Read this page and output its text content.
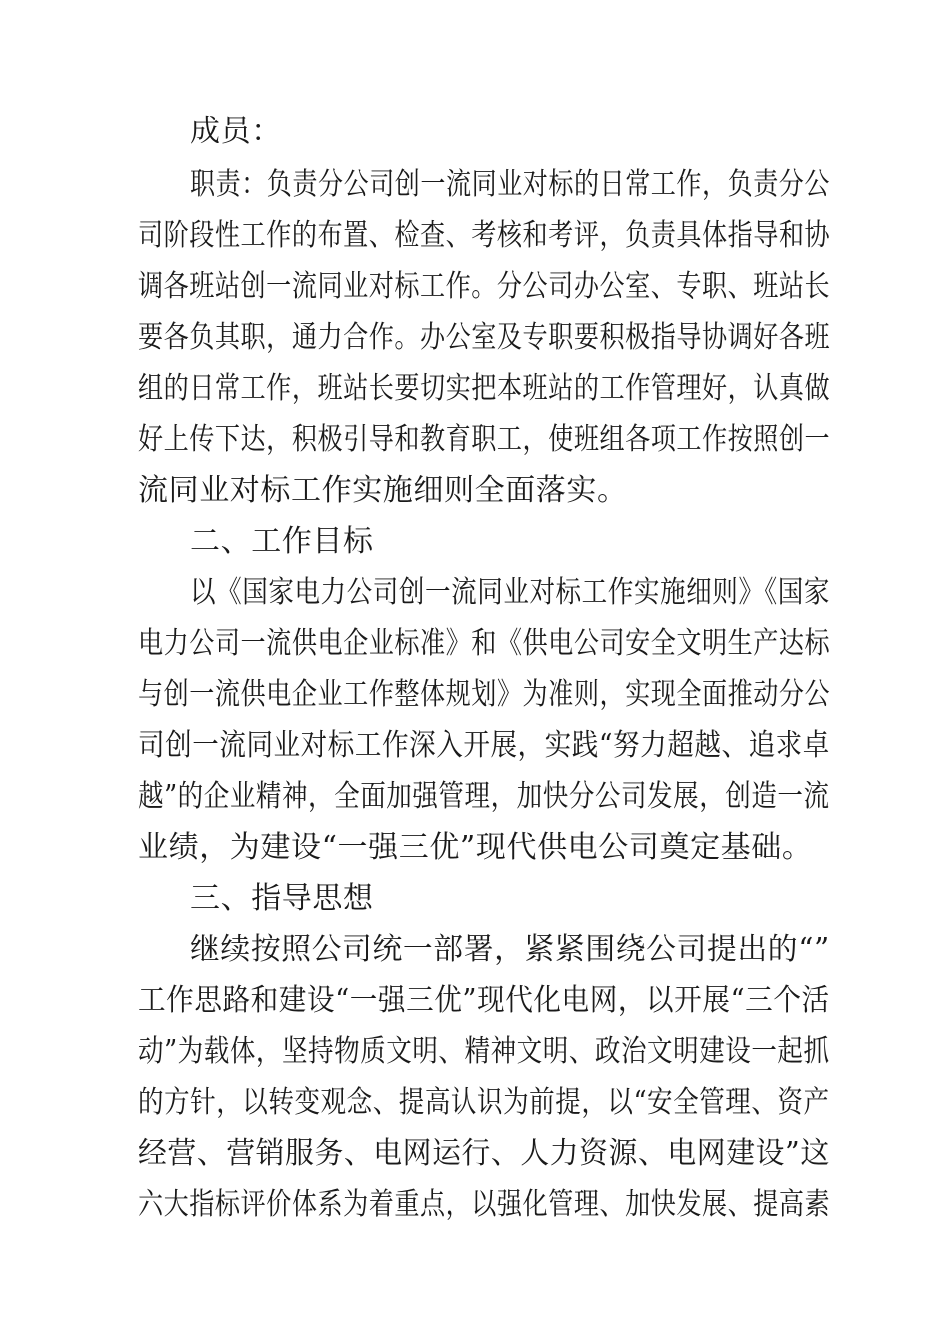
成员：
职责：负责分公司创一流同业对标的日常工作，负责分公
司阶段性工作的布置、检查、考核和考评，负责具体指导和协
调各班站创一流同业对标工作。分公司办公室、专职、班站长
要各负其职，通力合作。办公室及专职要积极指导协调好各班
组的日常工作，班站长要切实把本班站的工作管理好，认真做
好上传下达，积极引导和教育职工，使班组各项工作按照创一
流同业对标工作实施细则全面落实。
二、工作目标
以《国家电力公司创一流同业对标工作实施细则》《国家
电力公司一流供电企业标准》和《供电公司安全文明生产达标
与创一流供电企业工作整体规划》为准则，实现全面推动分公
司创一流同业对标工作深入开展，实践“努力超越、追求卓
越”的企业精神，全面加强管理，加快分公司发展，创造一流
业绩，为建设“一强三优”现代供电公司奠定基础。
三、指导思想
继续按照公司统一部署，紧紧围绕公司提出的“”
工作思路和建设“一强三优”现代化电网，以开展“三个活
动”为载体，坚持物质文明、精神文明、政治文明建设一起抓
的方针，以转变观念、提高认识为前提，以“安全管理、资产
经营、营销服务、电网运行、人力资源、电网建设”这
六大指标评价体系为着重点，以强化管理、加快发展、提高素
